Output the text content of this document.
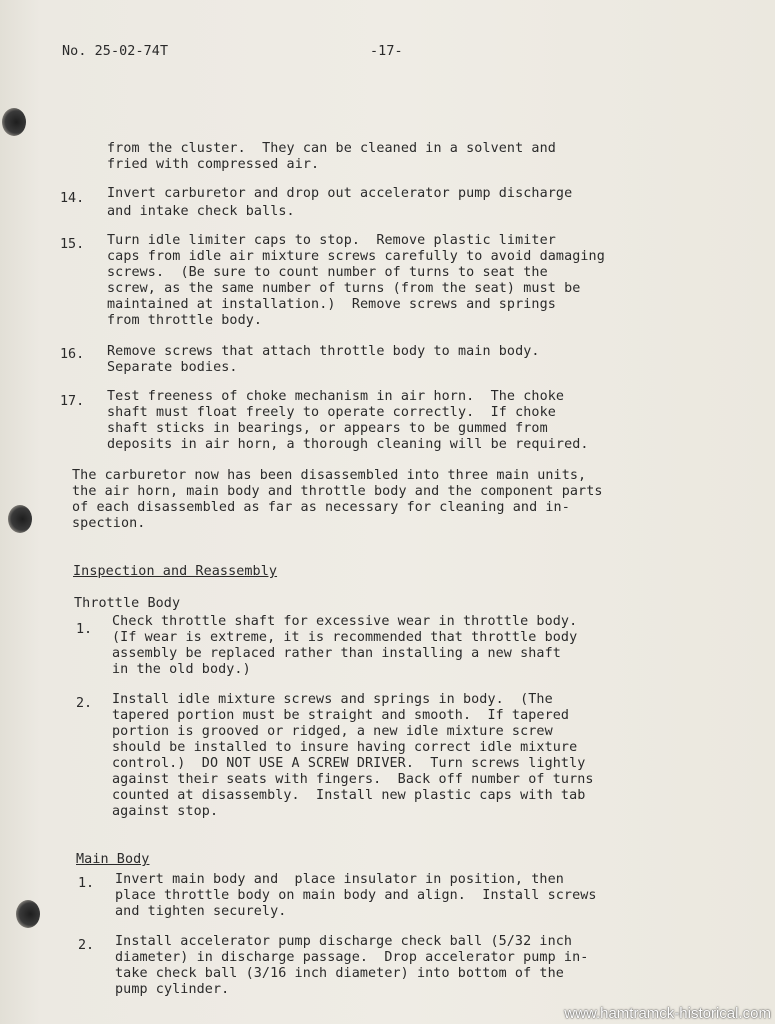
No. 25-02-74T	-17-
from the cluster.  They can be cleaned in a solvent and
fried with compressed air.
14. Invert carburetor and drop out accelerator pump discharge
and intake check balls.
15. Turn idle limiter caps to stop.  Remove plastic limiter
caps from idle air mixture screws carefully to avoid damaging
screws.  (Be sure to count number of turns to seat the
screw, as the same number of turns (from the seat) must be
maintained at installation.)  Remove screws and springs
from throttle body.
16. Remove screws that attach throttle body to main body.
Separate bodies.
17. Test freeness of choke mechanism in air horn.  The choke
shaft must float freely to operate correctly.  If choke
shaft sticks in bearings, or appears to be gummed from
deposits in air horn, a thorough cleaning will be required.
The carburetor now has been disassembled into three main units,
the air horn, main body and throttle body and the component parts
of each disassembled as far as necessary for cleaning and in-
spection.
Inspection and Reassembly
Throttle Body
1.
Check throttle shaft for excessive wear in throttle body.
(If wear is extreme, it is recommended that throttle body
assembly be replaced rather than installing a new shaft
in the old body.)
2. Install idle mixture screws and springs in body.  (The
tapered portion must be straight and smooth.  If tapered
portion is grooved or ridged, a new idle mixture screw
should be installed to insure having correct idle mixture
control.)  DO NOT USE A SCREW DRIVER.  Turn screws lightly
against their seats with fingers.  Back off number of turns
counted at disassembly.  Install new plastic caps with tab
against stop.
Main Body
1. Invert main body and  place insulator in position, then
place throttle body on main body and align.  Install screws
and tighten securely.
2. Install accelerator pump discharge check ball (5/32 inch
diameter) in discharge passage.  Drop accelerator pump in-
take check ball (3/16 inch diameter) into bottom of the
pump cylinder.
www.hamtramck-historical.com
